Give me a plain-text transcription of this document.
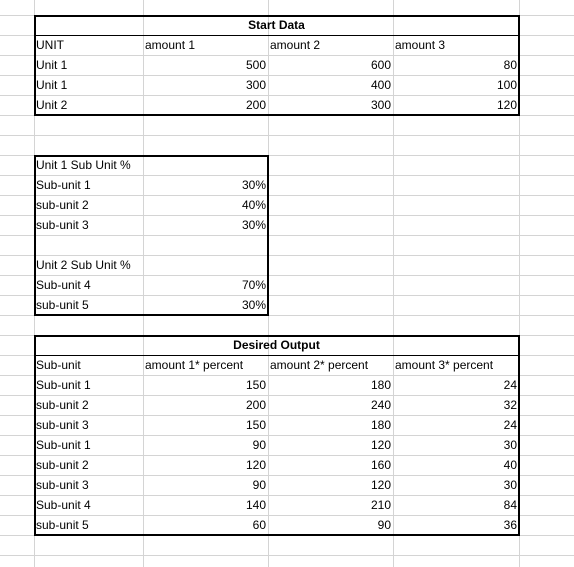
Start Data
UNIT	amount 1	amount 2	amount 3
Unit 1	500	600	80
Unit 1	300	400	100
Unit 2	200	300	120
Unit 1 Sub Unit %
Sub-unit 1	30%
sub-unit 2	40%
sub-unit 3	30%
Unit 2 Sub Unit %
Sub-unit 4	70%
sub-unit 5	30%
Desired Output
Sub-unit	amount 1* percent	amount 2* percent	amount 3* percent
Sub-unit 1	150	180	24
sub-unit 2	200	240	32
sub-unit 3	150	180	24
Sub-unit 1	90	120	30
sub-unit 2	120	160	40
sub-unit 3	90	120	30
Sub-unit 4	140	210	84
sub-unit 5	60	90	36
